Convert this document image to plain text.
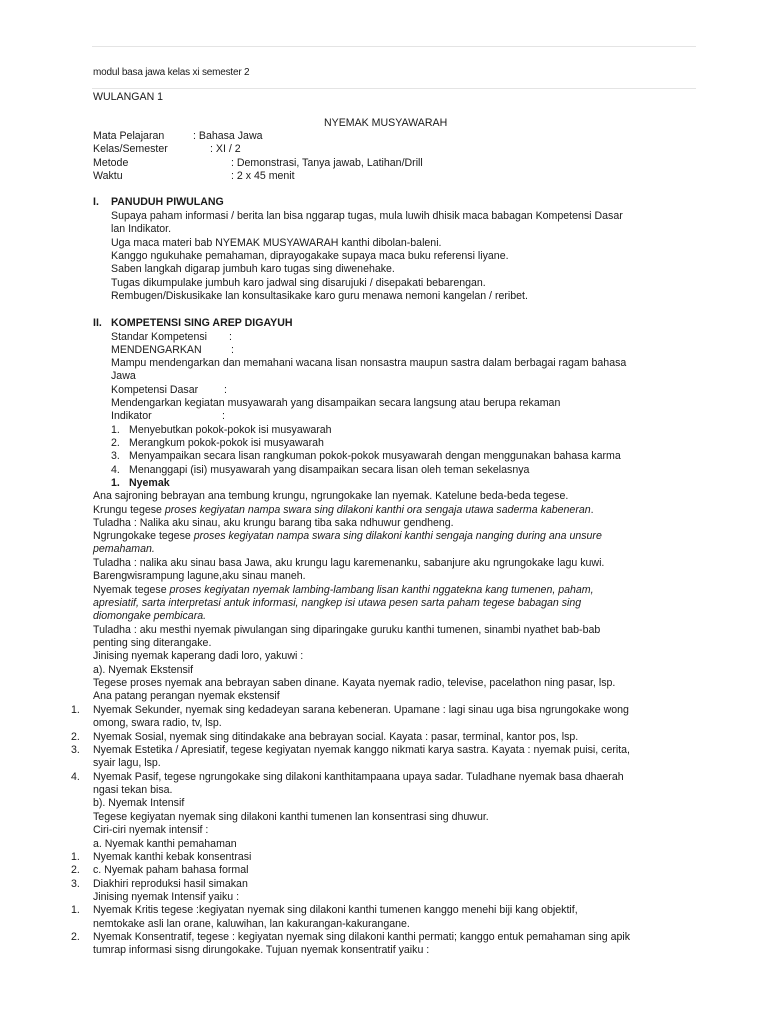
modul basa jawa kelas xi semester 2
WULANGAN 1
NYEMAK MUSYAWARAH
Mata Pelajaran	: Bahasa Jawa
Kelas/Semester	: XI / 2
Metode	: Demonstrasi, Tanya jawab, Latihan/Drill
Waktu	: 2 x 45 menit
I. PANUDUH PIWULANG
Supaya paham informasi / berita lan bisa nggarap tugas, mula luwih dhisik maca babagan Kompetensi Dasar
lan Indikator.
Uga maca materi bab NYEMAK MUSYAWARAH kanthi dibolan-baleni.
Kanggo ngukuhake pemahaman, diprayogakake supaya maca buku referensi liyane.
Saben langkah digarap jumbuh karo tugas sing diwenehake.
Tugas dikumpulake jumbuh karo jadwal sing disarujuki / disepakati bebarengan.
Rembugen/Diskusikake lan konsultasikake karo guru menawa nemoni kangelan / reribet.
II. KOMPETENSI SING AREP DIGAYUH
Standar Kompetensi :
MENDENGARKAN	:
Mampu mendengarkan dan memahani wacana lisan nonsastra maupun sastra dalam berbagai ragam bahasa
Jawa
Kompetensi Dasar :
Mendengarkan kegiatan musyawarah yang disampaikan secara langsung atau berupa rekaman
Indikator	:
1. Menyebutkan pokok-pokok isi musyawarah
2. Merangkum pokok-pokok isi musyawarah
3. Menyampaikan secara lisan rangkuman pokok-pokok musyawarah dengan menggunakan bahasa karma
4. Menanggapi (isi) musyawarah yang disampaikan secara lisan oleh teman sekelasnya
1. Nyemak
Ana sajroning bebrayan ana tembung krungu, ngrungokake lan nyemak. Katelune beda-beda tegese.
Krungu tegese proses kegiyatan nampa swara sing dilakoni kanthi ora sengaja utawa saderma kabeneran.
Tuladha : Nalika aku sinau, aku krungu barang tiba saka ndhuwur gendheng.
Ngrungokake tegese proses kegiyatan nampa swara sing dilakoni kanthi sengaja nanging during ana unsure
pemahaman.
Tuladha : nalika aku sinau basa Jawa, aku krungu lagu karemenanku, sabanjure aku ngrungokake lagu kuwi.
Barengwisrampung lagune,aku sinau maneh.
Nyemak tegese proses kegiyatan nyemak lambing-lambang lisan kanthi nggatekna kang tumenen, paham,
apresiatif, sarta interpretasi antuk informasi, nangkep isi utawa pesen sarta paham tegese babagan sing
diomongake pembicara.
Tuladha : aku mesthi nyemak piwulangan sing diparingake guruku kanthi tumenen, sinambi nyathet bab-bab
penting sing diterangake.
Jinising nyemak kaperang dadi loro, yakuwi :
a). Nyemak Ekstensif
Tegese proses nyemak ana bebrayan saben dinane. Kayata nyemak radio, televise, pacelathon ning pasar, lsp.
Ana patang perangan nyemak ekstensif
1. Nyemak Sekunder, nyemak sing kedadeyan sarana kebeneran. Upamane : lagi sinau uga bisa ngrungokake wong
omong, swara radio, tv, lsp.
2. Nyemak Sosial, nyemak sing ditindakake ana bebrayan social. Kayata : pasar, terminal, kantor pos, lsp.
3. Nyemak Estetika / Apresiatif, tegese kegiyatan nyemak kanggo nikmati karya sastra. Kayata : nyemak puisi, cerita,
syair lagu, lsp.
4. Nyemak Pasif, tegese ngrungokake sing dilakoni kanthitampaana upaya sadar. Tuladhane nyemak basa dhaerah
ngasi tekan bisa.
b). Nyemak Intensif
Tegese kegiyatan nyemak sing dilakoni kanthi tumenen lan konsentrasi sing dhuwur.
Ciri-ciri nyemak intensif :
a. Nyemak kanthi pemahaman
1. Nyemak kanthi kebak konsentrasi
2. c. Nyemak paham bahasa formal
3. Diakhiri reproduksi hasil simakan
Jinising nyemak Intensif yaiku :
1. Nyemak Kritis tegese :kegiyatan nyemak sing dilakoni kanthi tumenen kanggo menehi biji kang objektif,
nemtokake asli lan orane, kaluwihan, lan kakurangan-kakurangane.
2. Nyemak Konsentratif, tegese : kegiyatan nyemak sing dilakoni kanthi permati; kanggo entuk pemahaman sing apik
tumrap informasi sisng dirungokake. Tujuan nyemak konsentratif yaiku :
